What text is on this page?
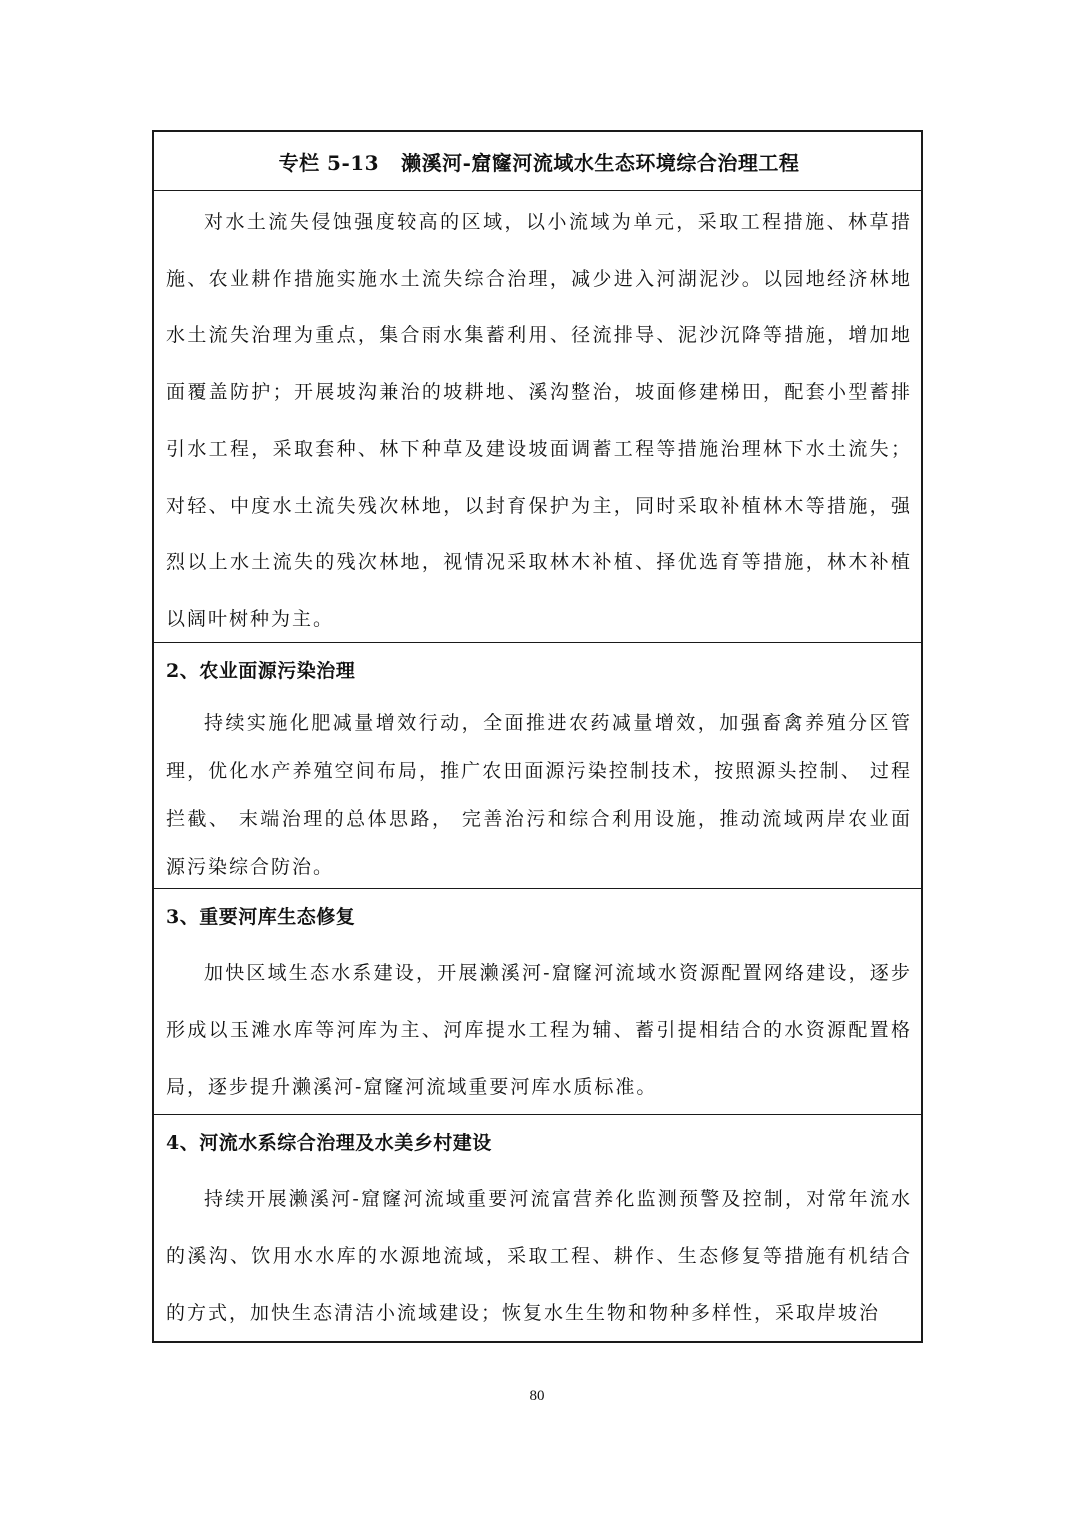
专栏 5-13 濑溪河-窟窿河流域水生态环境综合治理工程

对水土流失侵蚀强度较高的区域，以小流域为单元，采取工程措施、林草措施、农业耕作措施实施水土流失综合治理，减少进入河湖泥沙。以园地经济林地水土流失治理为重点，集合雨水集蓄利用、径流排导、泥沙沉降等措施，增加地面覆盖防护；开展坡沟兼治的坡耕地、溪沟整治，坡面修建梯田，配套小型蓄排引水工程，采取套种、林下种草及建设坡面调蓄工程等措施治理林下水土流失；对轻、中度水土流失残次林地，以封育保护为主，同时采取补植林木等措施，强烈以上水土流失的残次林地，视情况采取林木补植、择优选育等措施，林木补植以阔叶树种为主。

2、农业面源污染治理

持续实施化肥减量增效行动，全面推进农药减量增效，加强畜禽养殖分区管理，优化水产养殖空间布局，推广农田面源污染控制技术，按照源头控制、 过程拦截、 末端治理的总体思路， 完善治污和综合利用设施，推动流域两岸农业面源污染综合防治。

3、重要河库生态修复

加快区域生态水系建设，开展濑溪河-窟窿河流域水资源配置网络建设，逐步形成以玉滩水库等河库为主、河库提水工程为辅、蓄引提相结合的水资源配置格局，逐步提升濑溪河-窟窿河流域重要河库水质标准。

4、河流水系综合治理及水美乡村建设

持续开展濑溪河-窟窿河流域重要河流富营养化监测预警及控制，对常年流水的溪沟、饮用水水库的水源地流域，采取工程、耕作、生态修复等措施有机结合的方式，加快生态清洁小流域建设；恢复水生生物和物种多样性，采取岸坡治

80
